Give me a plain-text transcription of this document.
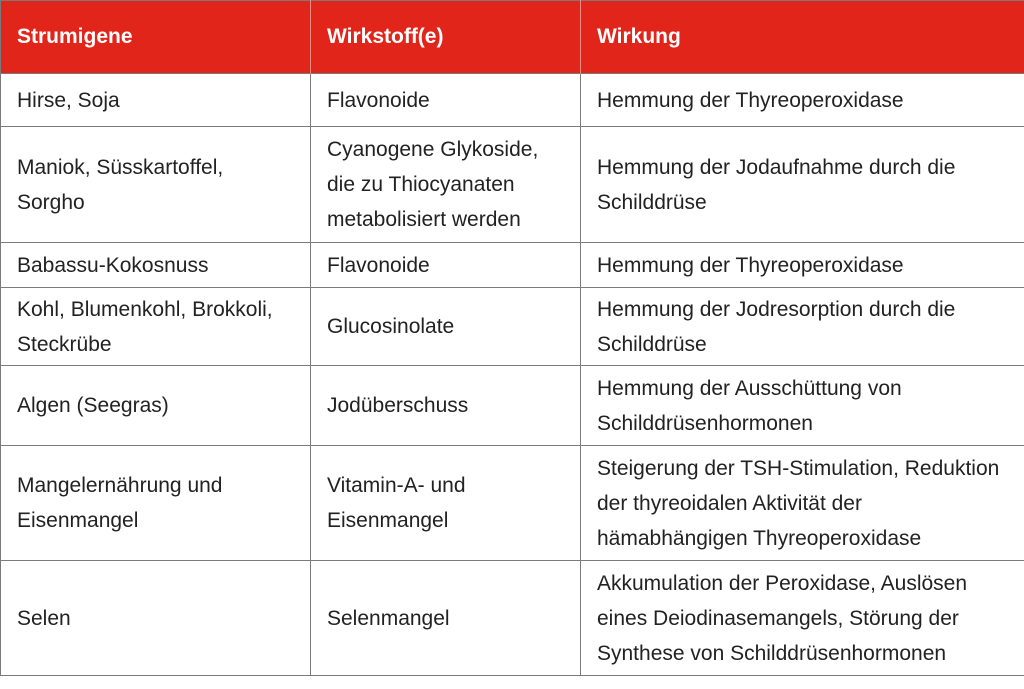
Strumigene	Wirkstoff(e)	Wirkung
Hirse, Soja	Flavonoide	Hemmung der Thyreoperoxidase
Maniok, Süsskartoffel, Sorgho	Cyanogene Glykoside, die zu Thiocyanaten metabolisiert werden	Hemmung der Jodaufnahme durch die Schilddrüse
Babassu-Kokosnuss	Flavonoide	Hemmung der Thyreoperoxidase
Kohl, Blumenkohl, Brokkoli, Steckrübe	Glucosinolate	Hemmung der Jodresorption durch die Schilddrüse
Algen (Seegras)	Jodüberschuss	Hemmung der Ausschüttung von Schilddrüsenhormonen
Mangelernährung und Eisenmangel	Vitamin-A- und Eisenmangel	Steigerung der TSH-Stimulation, Reduktion der thyreoidalen Aktivität der hämabhängigen Thyreoperoxidase
Selen	Selenmangel	Akkumulation der Peroxidase, Auslösen eines Deiodinasemangels, Störung der Synthese von Schilddrüsenhormonen
